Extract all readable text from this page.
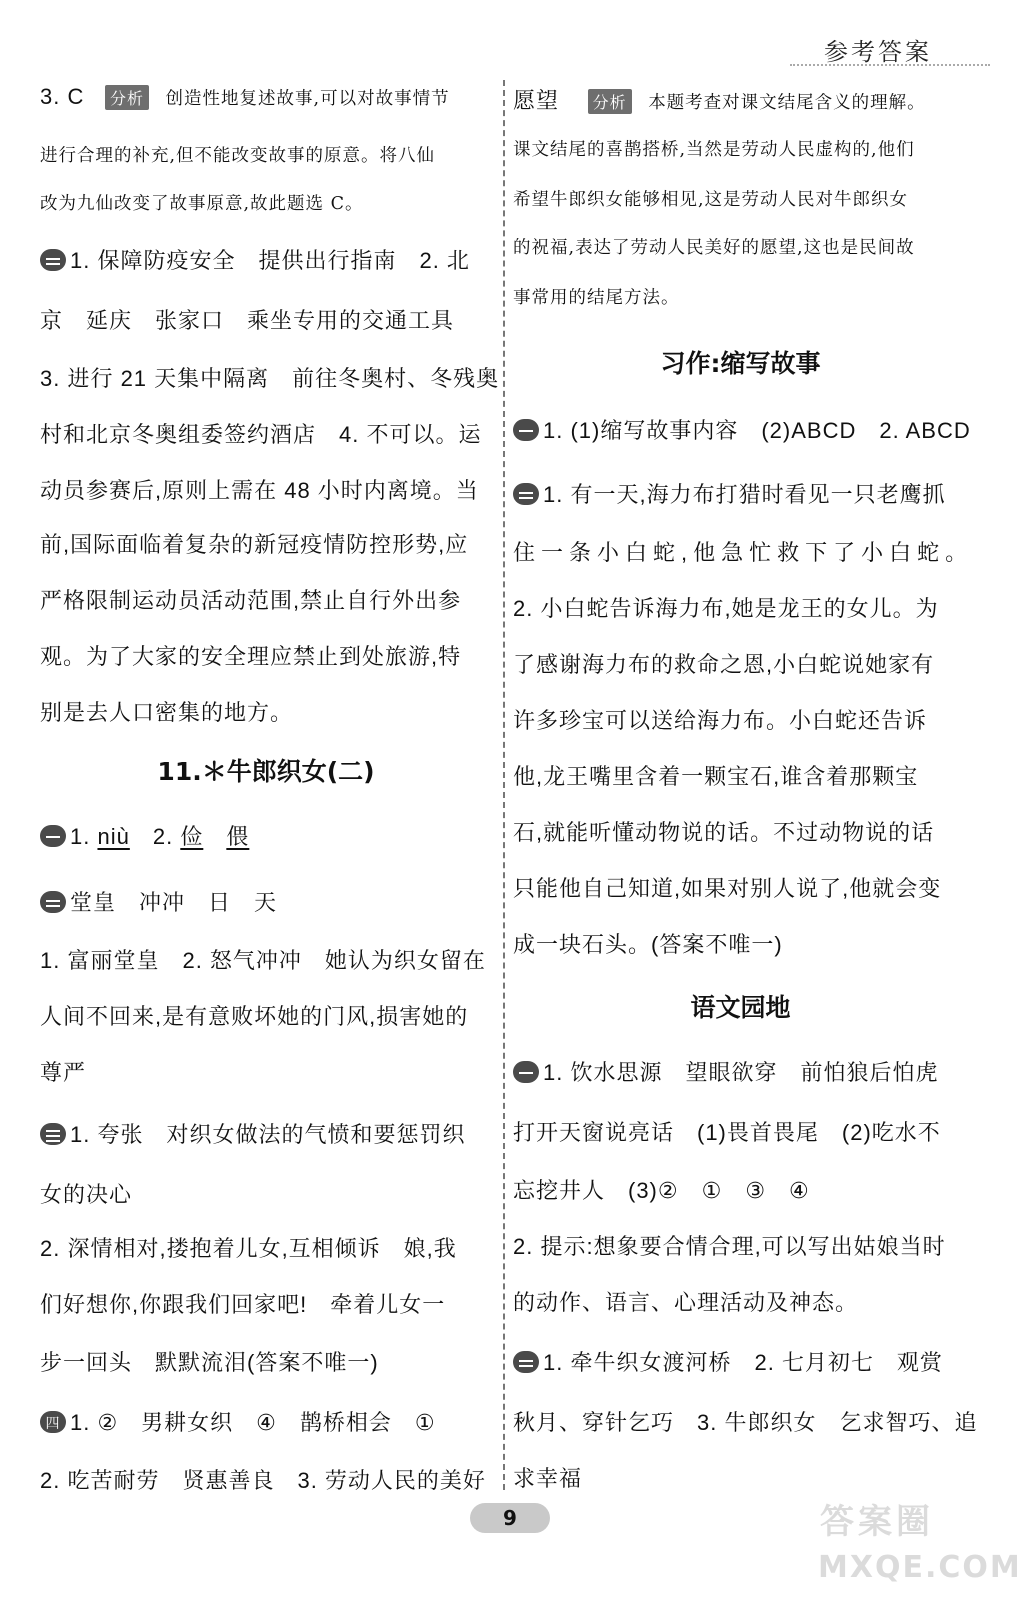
参考答案
3. C 分析 创造性地复述故事,可以对故事情节
进行合理的补充,但不能改变故事的原意。将八仙
改为九仙改变了故事原意,故此题选 C。
1. 保障防疫安全　提供出行指南　2. 北
京　延庆　张家口　乘坐专用的交通工具
3. 进行 21 天集中隔离　前往冬奥村、冬残奥
村和北京冬奥组委签约酒店　4. 不可以。运
动员参赛后,原则上需在 48 小时内离境。当
前,国际面临着复杂的新冠疫情防控形势,应
严格限制运动员活动范围,禁止自行外出参
观。为了大家的安全理应禁止到处旅游,特
别是去人口密集的地方。
11.＊牛郎织女(二)
1. niù　2. 俭　 偎
堂皇　冲冲　日　天
1. 富丽堂皇　2. 怒气冲冲　她认为织女留在
人间不回来,是有意败坏她的门风,损害她的
尊严
1. 夸张　对织女做法的气愤和要惩罚织
女的决心
2. 深情相对,搂抱着儿女,互相倾诉　娘,我
们好想你,你跟我们回家吧!　牵着儿女一
步一回头　默默流泪(答案不唯一)
四 1. ②　男耕女织　④　鹊桥相会　①
2. 吃苦耐劳　贤惠善良　3. 劳动人民的美好
愿望 分析 本题考查对课文结尾含义的理解。
课文结尾的喜鹊搭桥,当然是劳动人民虚构的,他们
希望牛郎织女能够相见,这是劳动人民对牛郎织女
的祝福,表达了劳动人民美好的愿望,这也是民间故
事常用的结尾方法。
习作:缩写故事
1. (1)缩写故事内容　(2)ABCD　2. ABCD
1. 有一天,海力布打猎时看见一只老鹰抓
住一条小白蛇,他急忙救下了小白蛇。
2. 小白蛇告诉海力布,她是龙王的女儿。为
了感谢海力布的救命之恩,小白蛇说她家有
许多珍宝可以送给海力布。小白蛇还告诉
他,龙王嘴里含着一颗宝石,谁含着那颗宝
石,就能听懂动物说的话。不过动物说的话
只能他自己知道,如果对别人说了,他就会变
成一块石头。(答案不唯一)
语文园地
1. 饮水思源　望眼欲穿　前怕狼后怕虎
打开天窗说亮话　(1)畏首畏尾　(2)吃水不
忘挖井人　(3)②　①　③　④
2. 提示:想象要合情合理,可以写出姑娘当时
的动作、语言、心理活动及神态。
1. 牵牛织女渡河桥　2. 七月初七　观赏
秋月、穿针乞巧　3. 牛郎织女　乞求智巧、追
求幸福
9	答案圈
MXQE.COM
